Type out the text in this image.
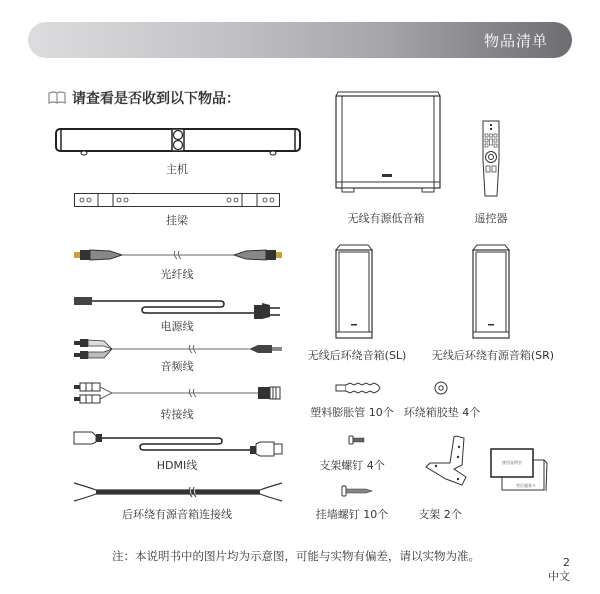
物品清单
请查看是否收到以下物品：
主机
挂梁
光纤线
电源线
音频线
转接线
HDMI线
后环绕有源音箱连接线
无线有源低音箱	遥控器
无线后环绕音箱(SL) 无线后环绕有源音箱(SR)
塑料膨胀管 10个 环绕箱胶垫 4个
支架螺钉 4个
挂墙螺钉 10个	支架 2个
使用说明书
售后服务卡
注：本说明书中的图片均为示意图，可能与实物有偏差，请以实物为准。	2
中文
